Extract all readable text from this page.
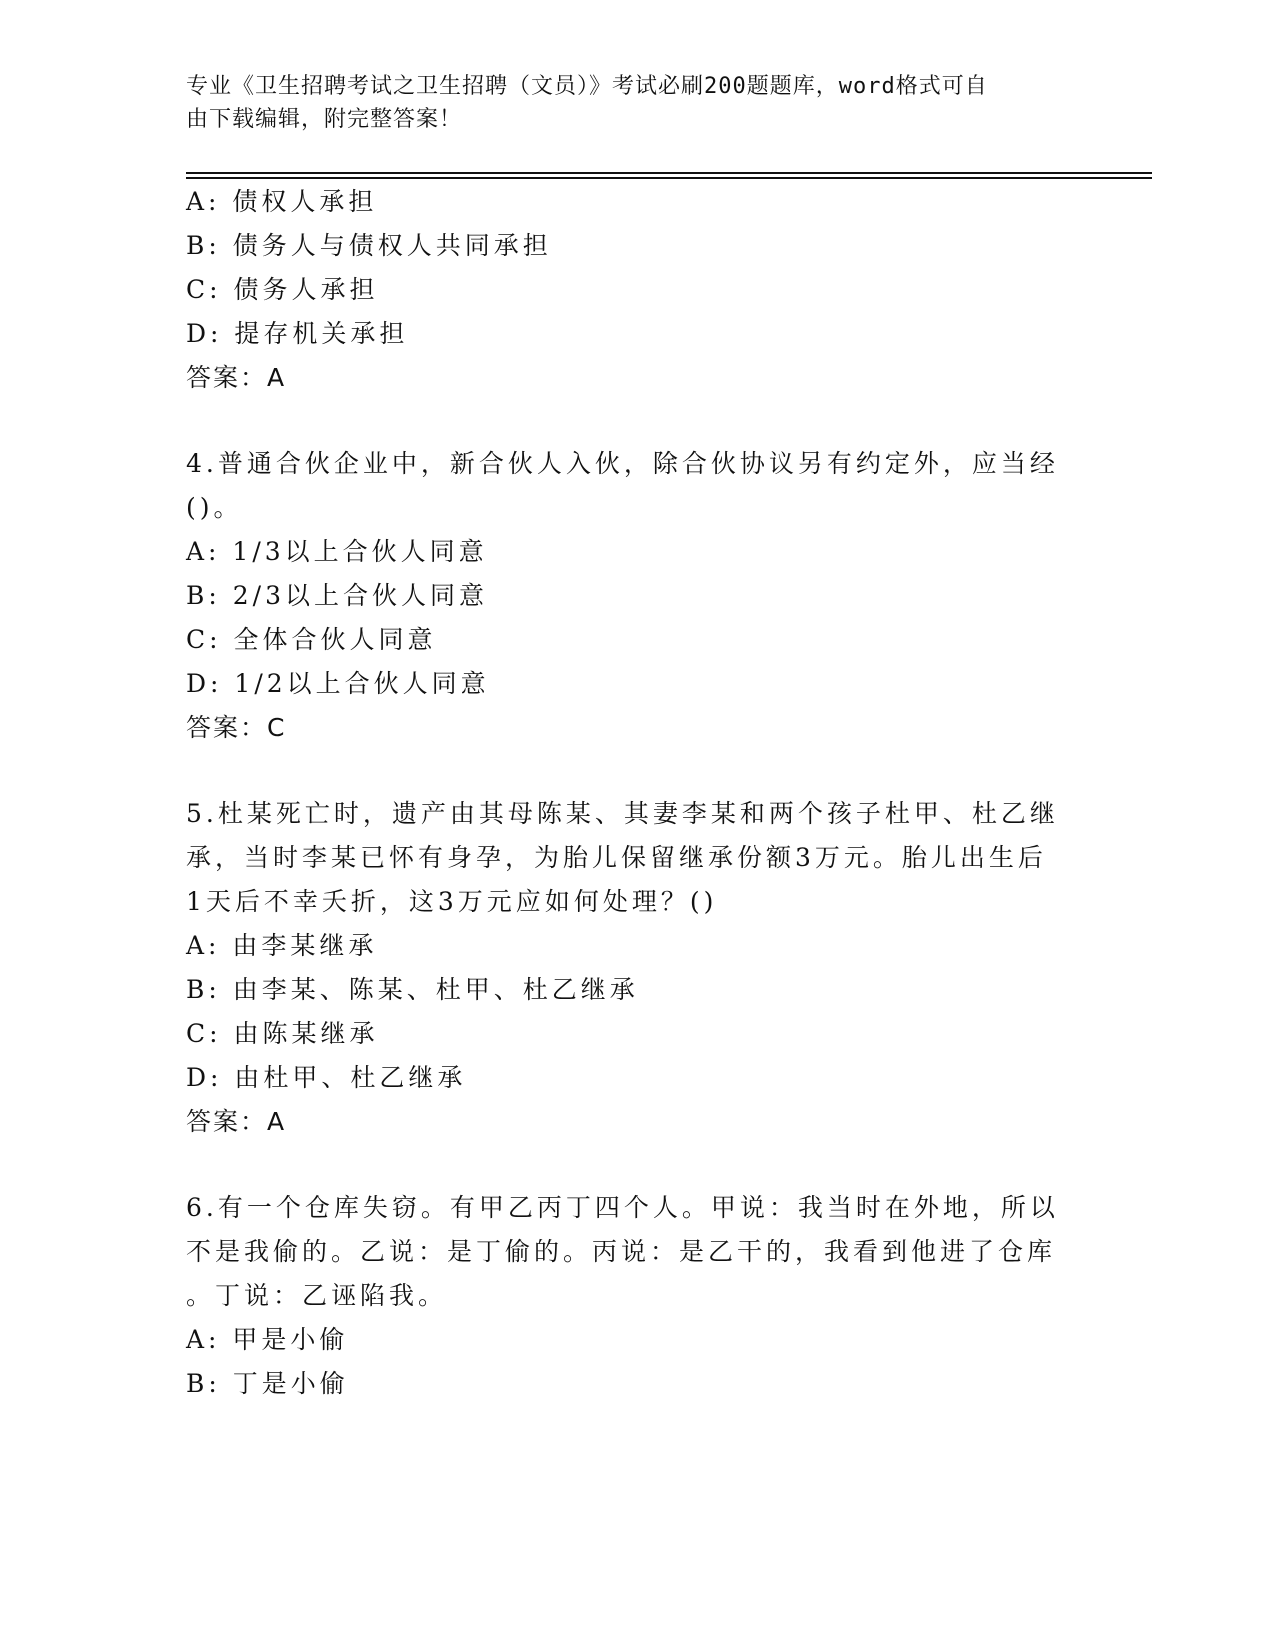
专业《卫生招聘考试之卫生招聘（文员）》考试必刷200题题库，word格式可自
由下载编辑，附完整答案！
A: 债权人承担
B: 债务人与债权人共同承担
C: 债务人承担
D: 提存机关承担
答案：A
4.普通合伙企业中，新合伙人入伙，除合伙协议另有约定外，应当经
()。
A: 1/3以上合伙人同意
B: 2/3以上合伙人同意
C: 全体合伙人同意
D: 1/2以上合伙人同意
答案：C
5.杜某死亡时，遗产由其母陈某、其妻李某和两个孩子杜甲、杜乙继
承，当时李某已怀有身孕，为胎儿保留继承份额3万元。胎儿出生后
1天后不幸夭折，这3万元应如何处理？()
A: 由李某继承
B: 由李某、陈某、杜甲、杜乙继承
C: 由陈某继承
D: 由杜甲、杜乙继承
答案：A
6.有一个仓库失窃。有甲乙丙丁四个人。甲说：我当时在外地，所以
不是我偷的。乙说：是丁偷的。丙说：是乙干的，我看到他进了仓库
。丁说：乙诬陷我。
A: 甲是小偷
B: 丁是小偷
